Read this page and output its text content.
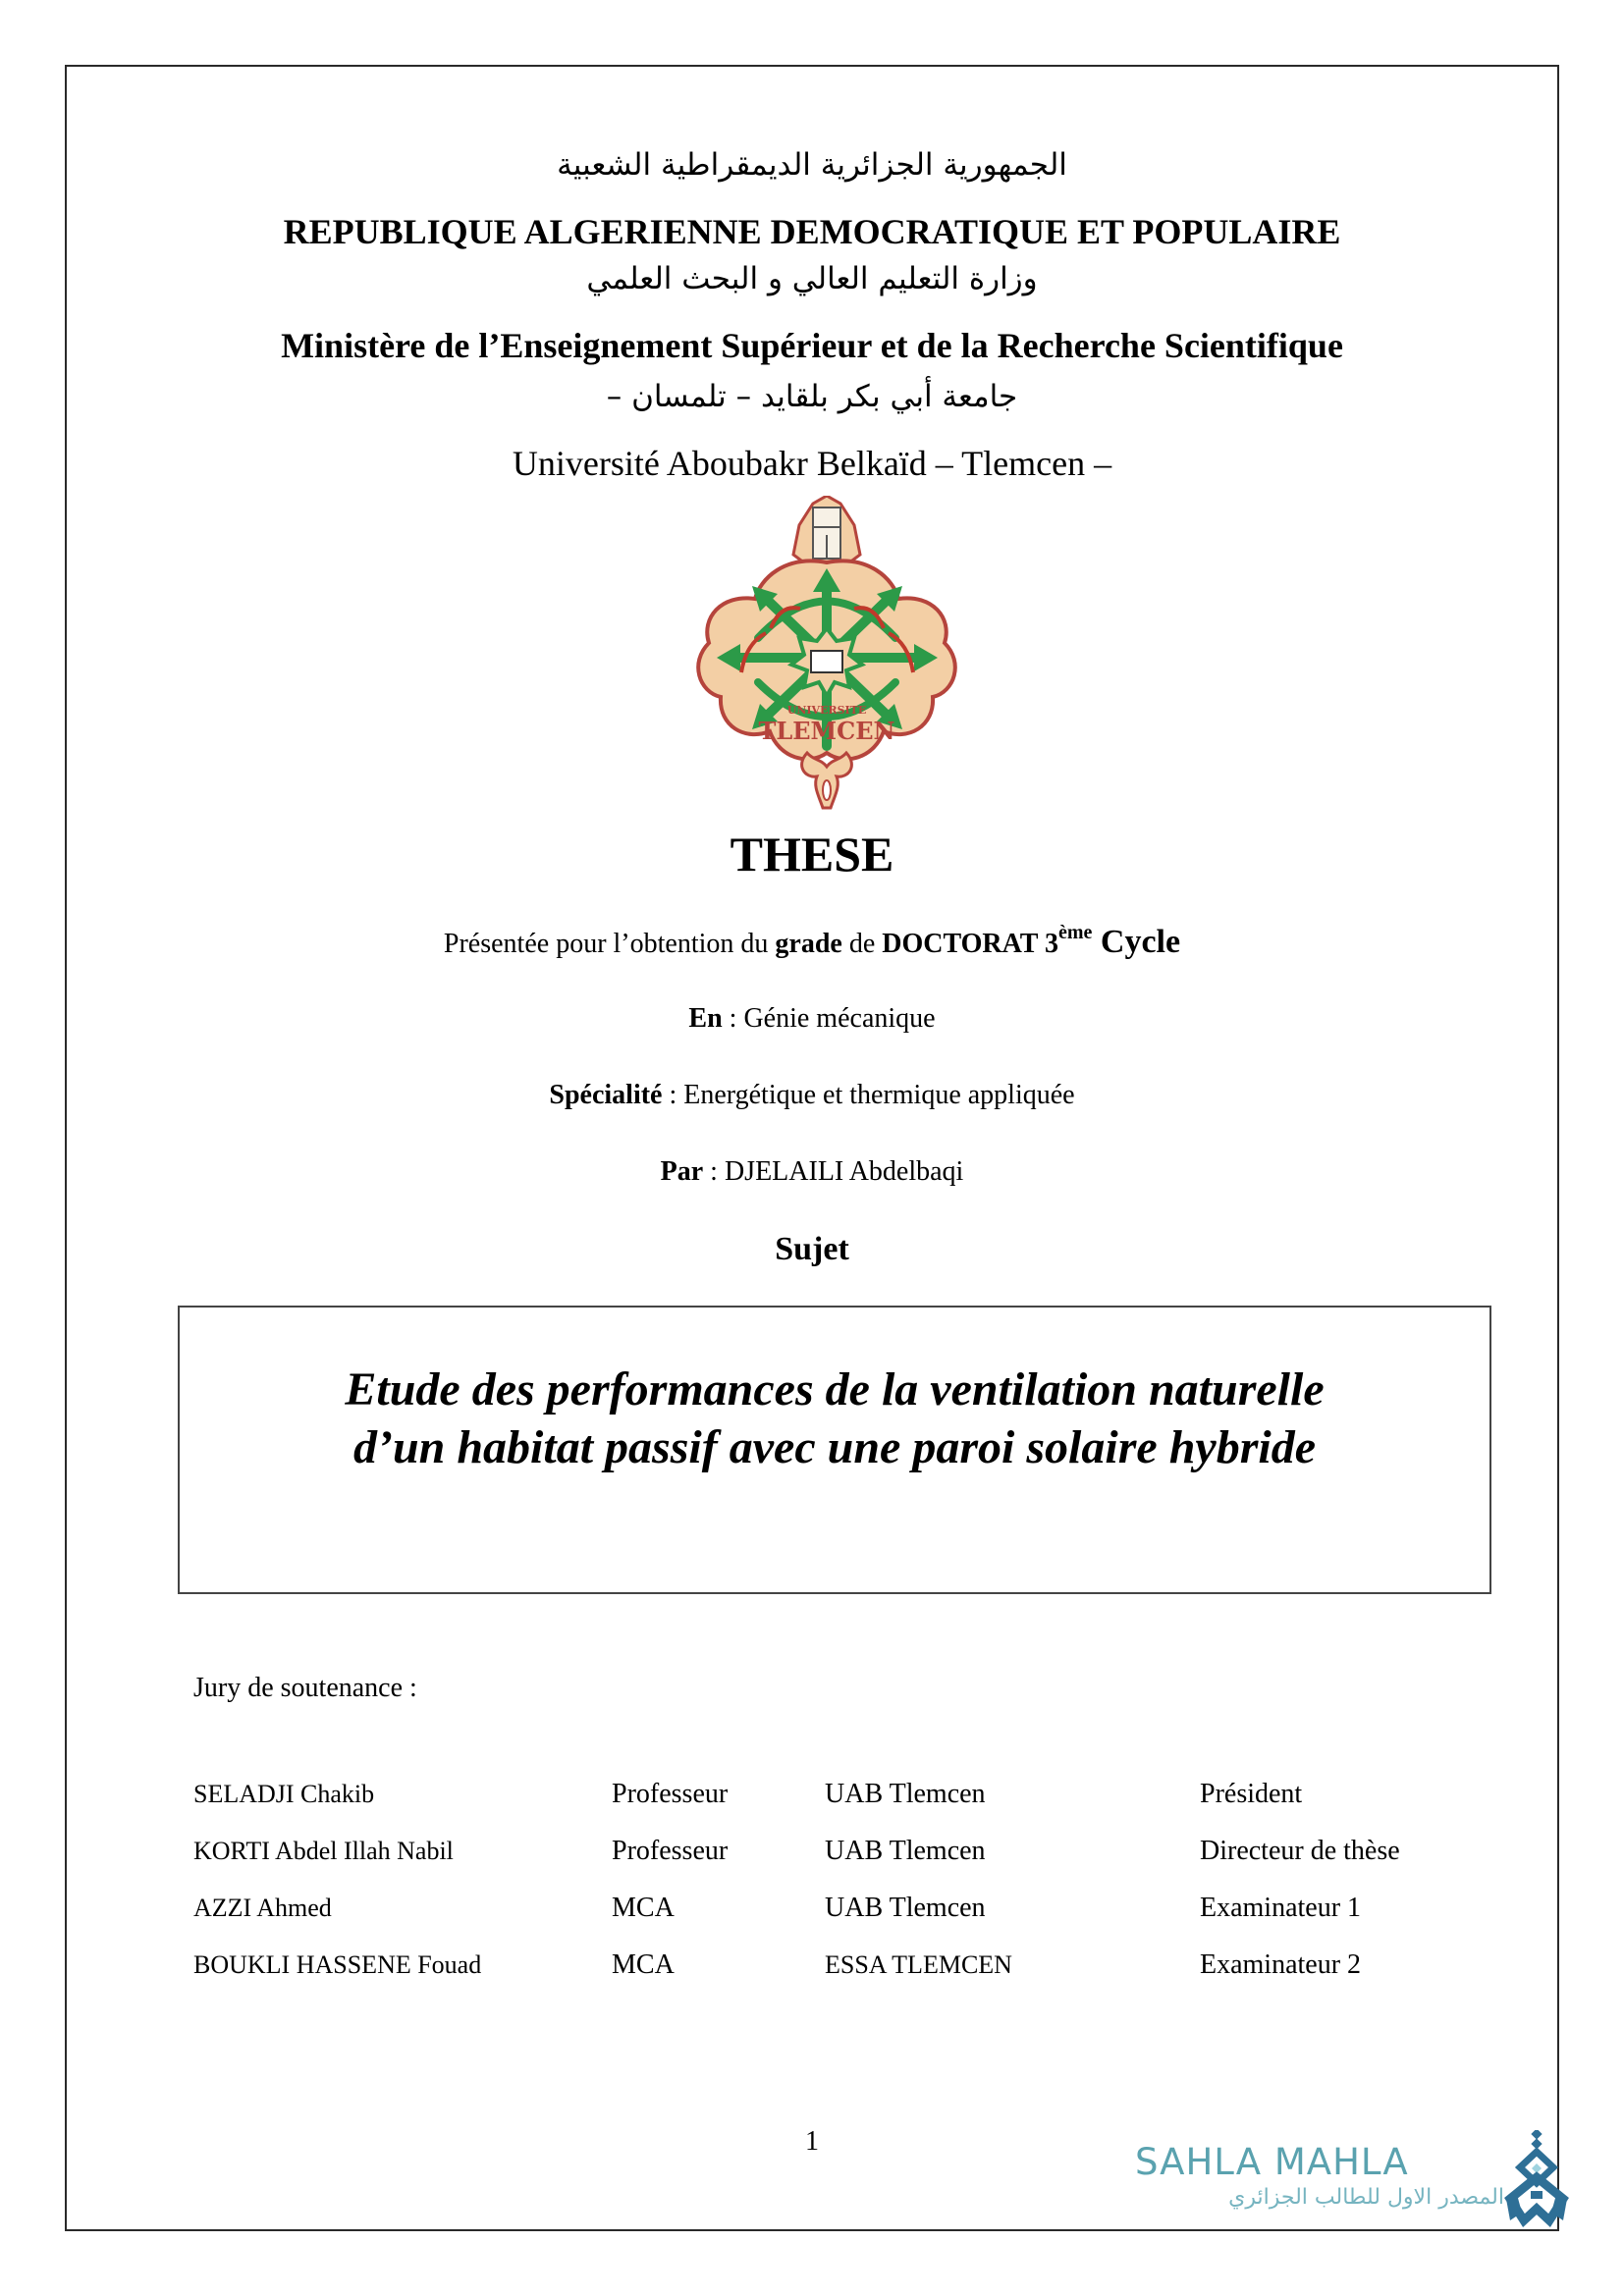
الجمهورية الجزائرية الديمقراطية الشعبية
REPUBLIQUE ALGERIENNE DEMOCRATIQUE ET POPULAIRE
وزارة التعليم العالي و البحث العلمي
Ministère de l’Enseignement Supérieur et de la Recherche Scientifique
جامعة أبي بكر بلقايد – تلمسان –
Université Aboubakr Belkaïd – Tlemcen –
UNIVERSITE
TLEMCEN
THESE
Présentée pour l’obtention du grade de DOCTORAT 3ème Cycle
En : Génie mécanique
Spécialité : Energétique et thermique appliquée
Par : DJELAILI Abdelbaqi
Sujet
Etude des performances de la ventilation naturelle
d’un habitat passif avec une paroi solaire hybride
Jury de soutenance :
SELADJI Chakib	Professeur	UAB Tlemcen	Président
KORTI Abdel Illah Nabil	Professeur	UAB Tlemcen	Directeur de thèse
AZZI Ahmed	MCA	UAB Tlemcen	Examinateur 1
BOUKLI HASSENE Fouad	MCA	ESSA TLEMCEN	Examinateur 2
1	SAHLA MAHLA
المصدر الاول للطالب الجزائري
